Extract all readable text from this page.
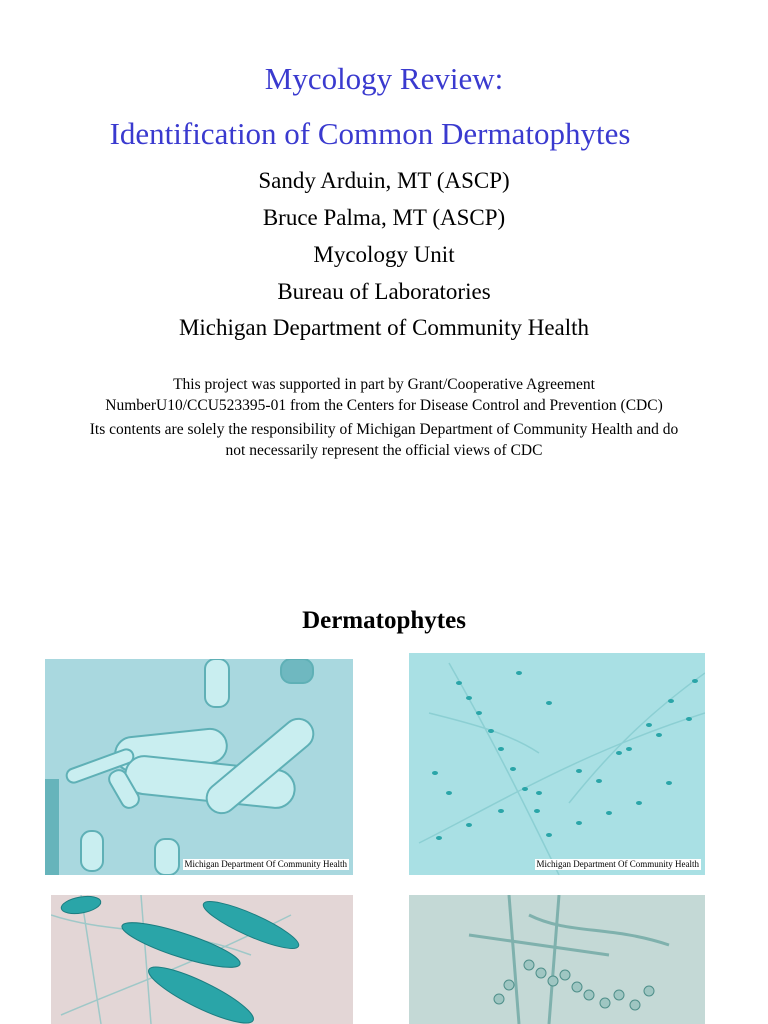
Mycology Review:
Identification of Common Dermatophytes
Sandy Arduin, MT (ASCP)
Bruce Palma, MT (ASCP)
Mycology Unit
Bureau of Laboratories
Michigan Department of Community Health
This project was supported in part by Grant/Cooperative Agreement
NumberU10/CCU523395-01 from the Centers for Disease Control and Prevention (CDC)
Its contents are solely the responsibility of Michigan Department of Community Health and do
not necessarily represent the official views of CDC
Dermatophytes
Michigan Department Of Community Health	Michigan Department Of Community Health
